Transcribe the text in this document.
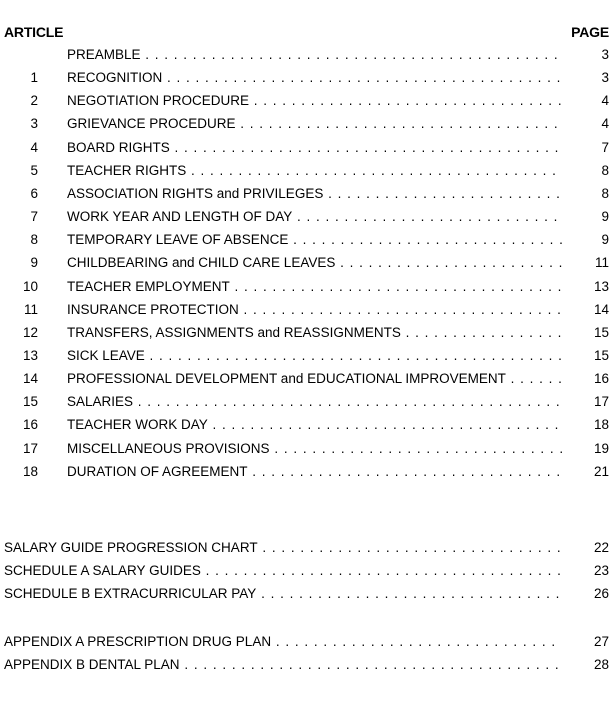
ARTICLE	PAGE
PREAMBLE . . .	3
1 RECOGNITION . . .	3
2 NEGOTIATION PROCEDURE . . .	4
3 GRIEVANCE PROCEDURE . . .	4
4 BOARD RIGHTS . . .	7
5 TEACHER RIGHTS . . .	8
6 ASSOCIATION RIGHTS and PRIVILEGES . . .	8
7 WORK YEAR AND LENGTH OF DAY . . .	9
8 TEMPORARY LEAVE OF ABSENCE . . .	9
9 CHILDBEARING and CHILD CARE LEAVES . . .	11
10 TEACHER EMPLOYMENT . . .	13
11 INSURANCE PROTECTION . . .	14
12 TRANSFERS, ASSIGNMENTS and REASSIGNMENTS . . .	15
13 SICK LEAVE . . .	15
14 PROFESSIONAL DEVELOPMENT and EDUCATIONAL IMPROVEMENT . . .	16
15 SALARIES . . .	17
16 TEACHER WORK DAY . . .	18
17 MISCELLANEOUS PROVISIONS . . .	19
18 DURATION OF AGREEMENT . . .	21
SALARY GUIDE PROGRESSION CHART . . .	22
SCHEDULE A SALARY GUIDES . . .	23
SCHEDULE B EXTRACURRICULAR PAY . . .	26
APPENDIX A PRESCRIPTION DRUG PLAN . . .	27
APPENDIX B DENTAL PLAN . . .	28
